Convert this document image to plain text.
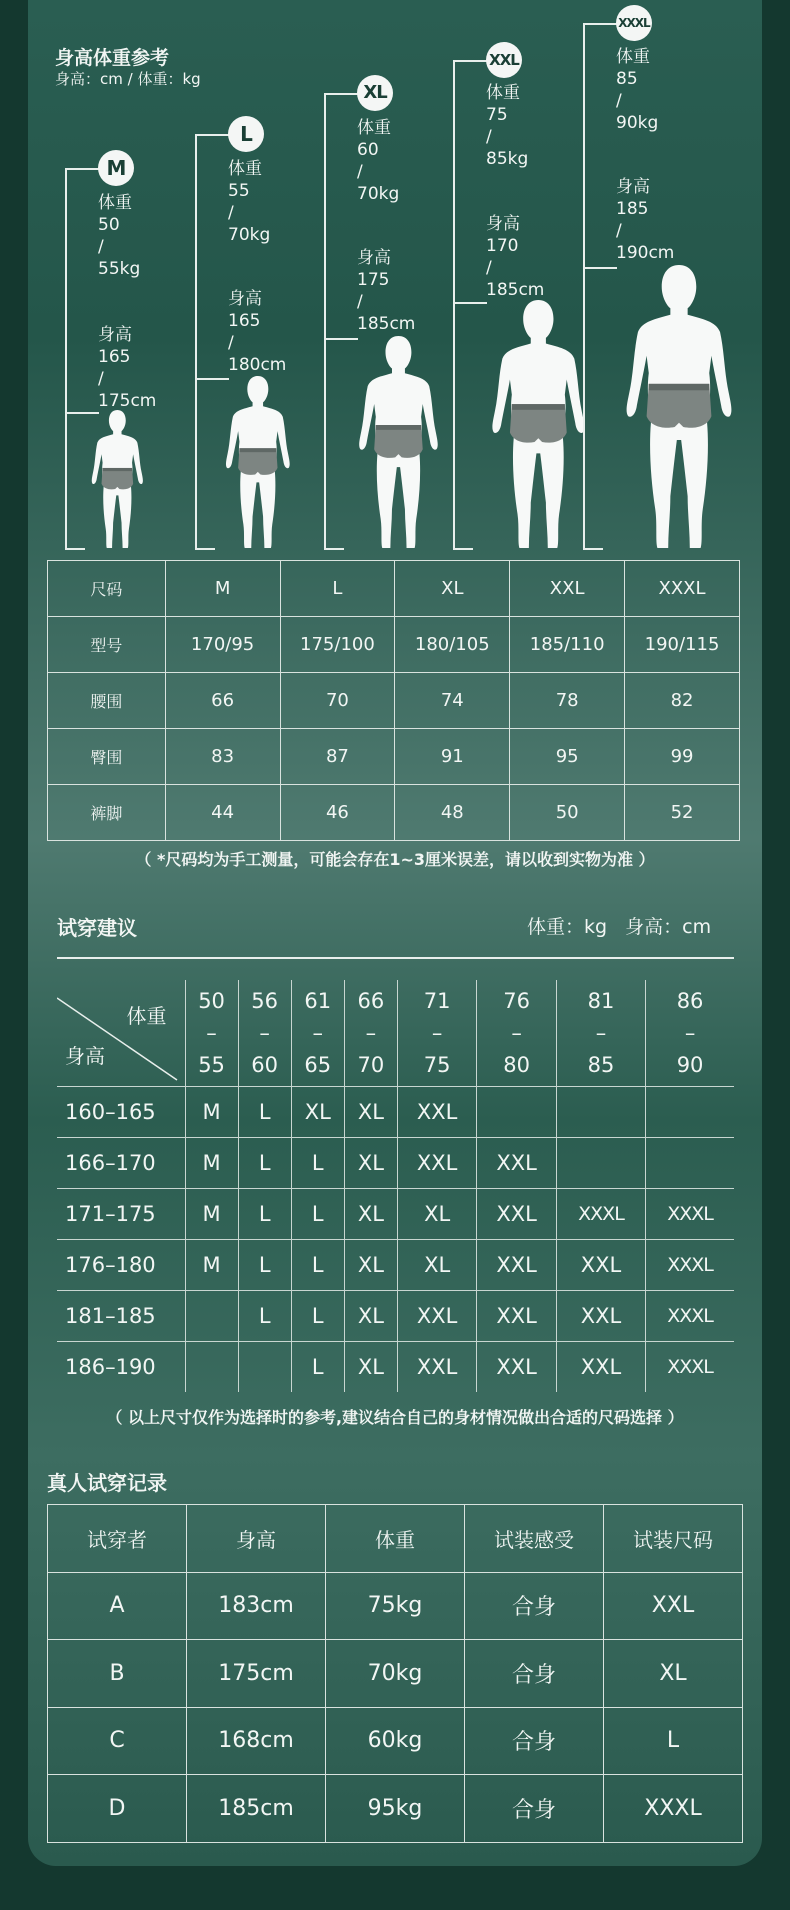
身高体重参考
身高：cm / 体重：kg
M
体重
50
/
55kg
身高
165
/
175cm
L
体重
55
/
70kg
身高
165
/
180cm
XL
体重
60
/
70kg
身高
175
/
185cm
XXL
体重
75
/
85kg
身高
170
/
185cm
XXXL
体重
85
/
90kg
身高
185
/
190cm
尺码	M	L	XL	XXL	XXXL
型号	170/95	175/100	180/105	185/110	190/115
腰围	66	70	74	78	82
臀围	83	87	91	95	99
裤脚	44	46	48	50	52
（ *尺码均为手工测量，可能会存在1~3厘米误差，请以收到实物为准 ）
试穿建议	体重：kg   身高：cm
体重
身高	50
–
55	56
–
60	61
–
65	66
–
70	71
–
75	76
–
80	81
–
85	86
–
90
160–165	M	L	XL	XL	XXL			
166–170	M	L	L	XL	XXL	XXL		
171–175	M	L	L	XL	XL	XXL	XXXL	XXXL
176–180	M	L	L	XL	XL	XXL	XXL	XXXL
181–185		L	L	XL	XXL	XXL	XXL	XXXL
186–190			L	XL	XXL	XXL	XXL	XXXL
（ 以上尺寸仅作为选择时的参考,建议结合自己的身材情况做出合适的尺码选择 ）
真人试穿记录
试穿者	身高	体重	试装感受	试装尺码
A	183cm	75kg	合身	XXL
B	175cm	70kg	合身	XL
C	168cm	60kg	合身	L
D	185cm	95kg	合身	XXXL
